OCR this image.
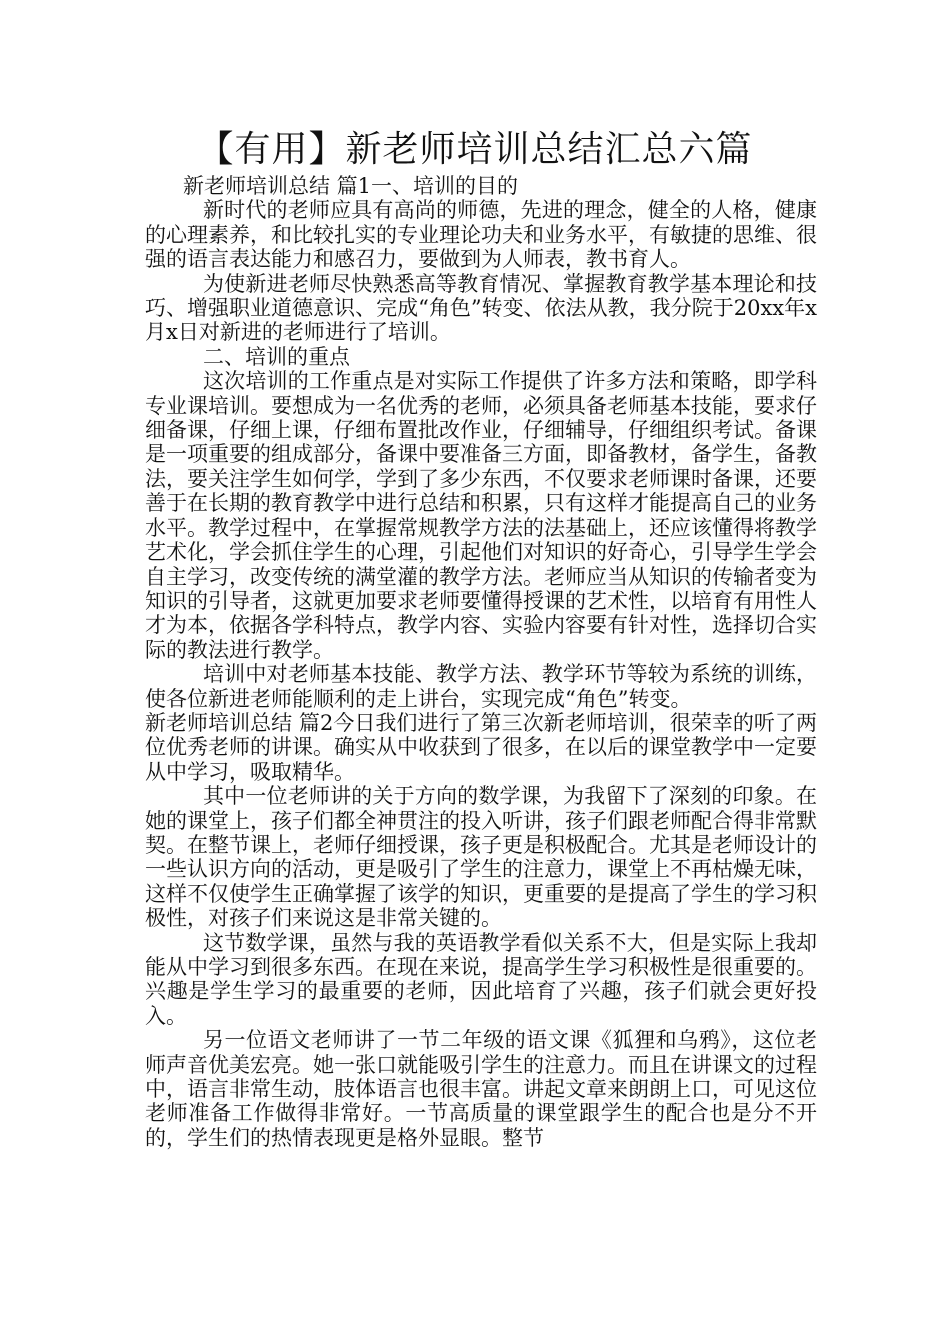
【有用】新老师培训总结汇总六篇

新老师培训总结 篇1一、培训的目的

新时代的老师应具有高尚的师德，先进的理念，健全的人格，健康的心理素养，和比较扎实的专业理论功夫和业务水平，有敏捷的思维、很强的语言表达能力和感召力，要做到为人师表，教书育人。

为使新进老师尽快熟悉高等教育情况、掌握教育教学基本理论和技巧、增强职业道德意识、完成“角色”转变、依法从教，我分院于20xx年x月x日对新进的老师进行了培训。

二、培训的重点

这次培训的工作重点是对实际工作提供了许多方法和策略，即学科专业课培训。要想成为一名优秀的老师，必须具备老师基本技能，要求仔细备课，仔细上课，仔细布置批改作业，仔细辅导，仔细组织考试。备课是一项重要的组成部分，备课中要准备三方面，即备教材，备学生，备教法，要关注学生如何学，学到了多少东西，不仅要求老师课时备课，还要善于在长期的教育教学中进行总结和积累，只有这样才能提高自己的业务水平。教学过程中，在掌握常规教学方法的法基础上，还应该懂得将教学艺术化，学会抓住学生的心理，引起他们对知识的好奇心，引导学生学会自主学习，改变传统的满堂灌的教学方法。老师应当从知识的传输者变为知识的引导者，这就更加要求老师要懂得授课的艺术性，以培育有用性人才为本，依据各学科特点，教学内容、实验内容要有针对性，选择切合实际的教法进行教学。

培训中对老师基本技能、教学方法、教学环节等较为系统的训练，使各位新进老师能顺利的走上讲台，实现完成“角色”转变。

新老师培训总结 篇2今日我们进行了第三次新老师培训，很荣幸的听了两位优秀老师的讲课。确实从中收获到了很多，在以后的课堂教学中一定要从中学习，吸取精华。

其中一位老师讲的关于方向的数学课，为我留下了深刻的印象。在她的课堂上，孩子们都全神贯注的投入听讲，孩子们跟老师配合得非常默契。在整节课上，老师仔细授课，孩子更是积极配合。尤其是老师设计的一些认识方向的活动，更是吸引了学生的注意力，课堂上不再枯燥无味，这样不仅使学生正确掌握了该学的知识，更重要的是提高了学生的学习积极性，对孩子们来说这是非常关键的。

这节数学课，虽然与我的英语教学看似关系不大，但是实际上我却能从中学习到很多东西。在现在来说，提高学生学习积极性是很重要的。兴趣是学生学习的最重要的老师，因此培育了兴趣，孩子们就会更好投入。

另一位语文老师讲了一节二年级的语文课《狐狸和乌鸦》，这位老师声音优美宏亮。她一张口就能吸引学生的注意力。而且在讲课文的过程中，语言非常生动，肢体语言也很丰富。讲起文章来朗朗上口，可见这位老师准备工作做得非常好。一节高质量的课堂跟学生的配合也是分不开的，学生们的热情表现更是格外显眼。整节
